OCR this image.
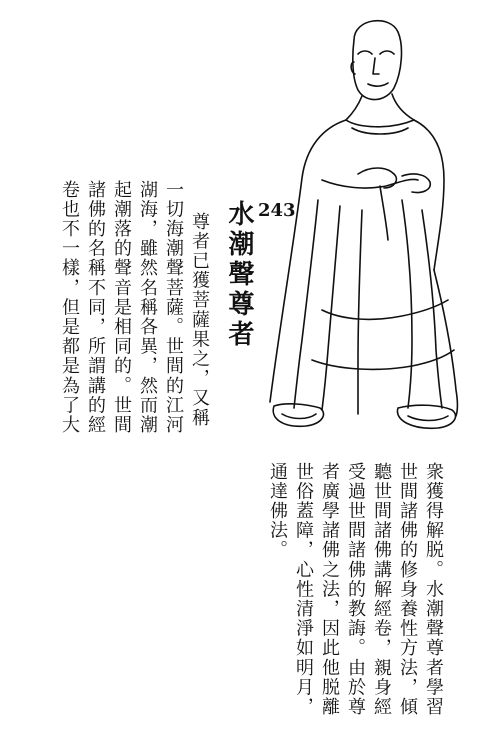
243
水潮聲尊者
尊者已獲菩薩果之，又稱
一切海潮聲菩薩。世間的江河
湖海，雖然名稱各異，然而潮
起潮落的聲音是相同的。世間
諸佛的名稱不同，所謂講的經
卷也不一樣，但是都是為了大
衆獲得解脱。水潮聲尊者學習
世間諸佛的修身養性方法，傾
聽世間諸佛講解經卷，親身經
受過世間諸佛的教誨。由於尊
者廣學諸佛之法，因此他脱離
世俗蓋障，心性清淨如明月，
通達佛法。
